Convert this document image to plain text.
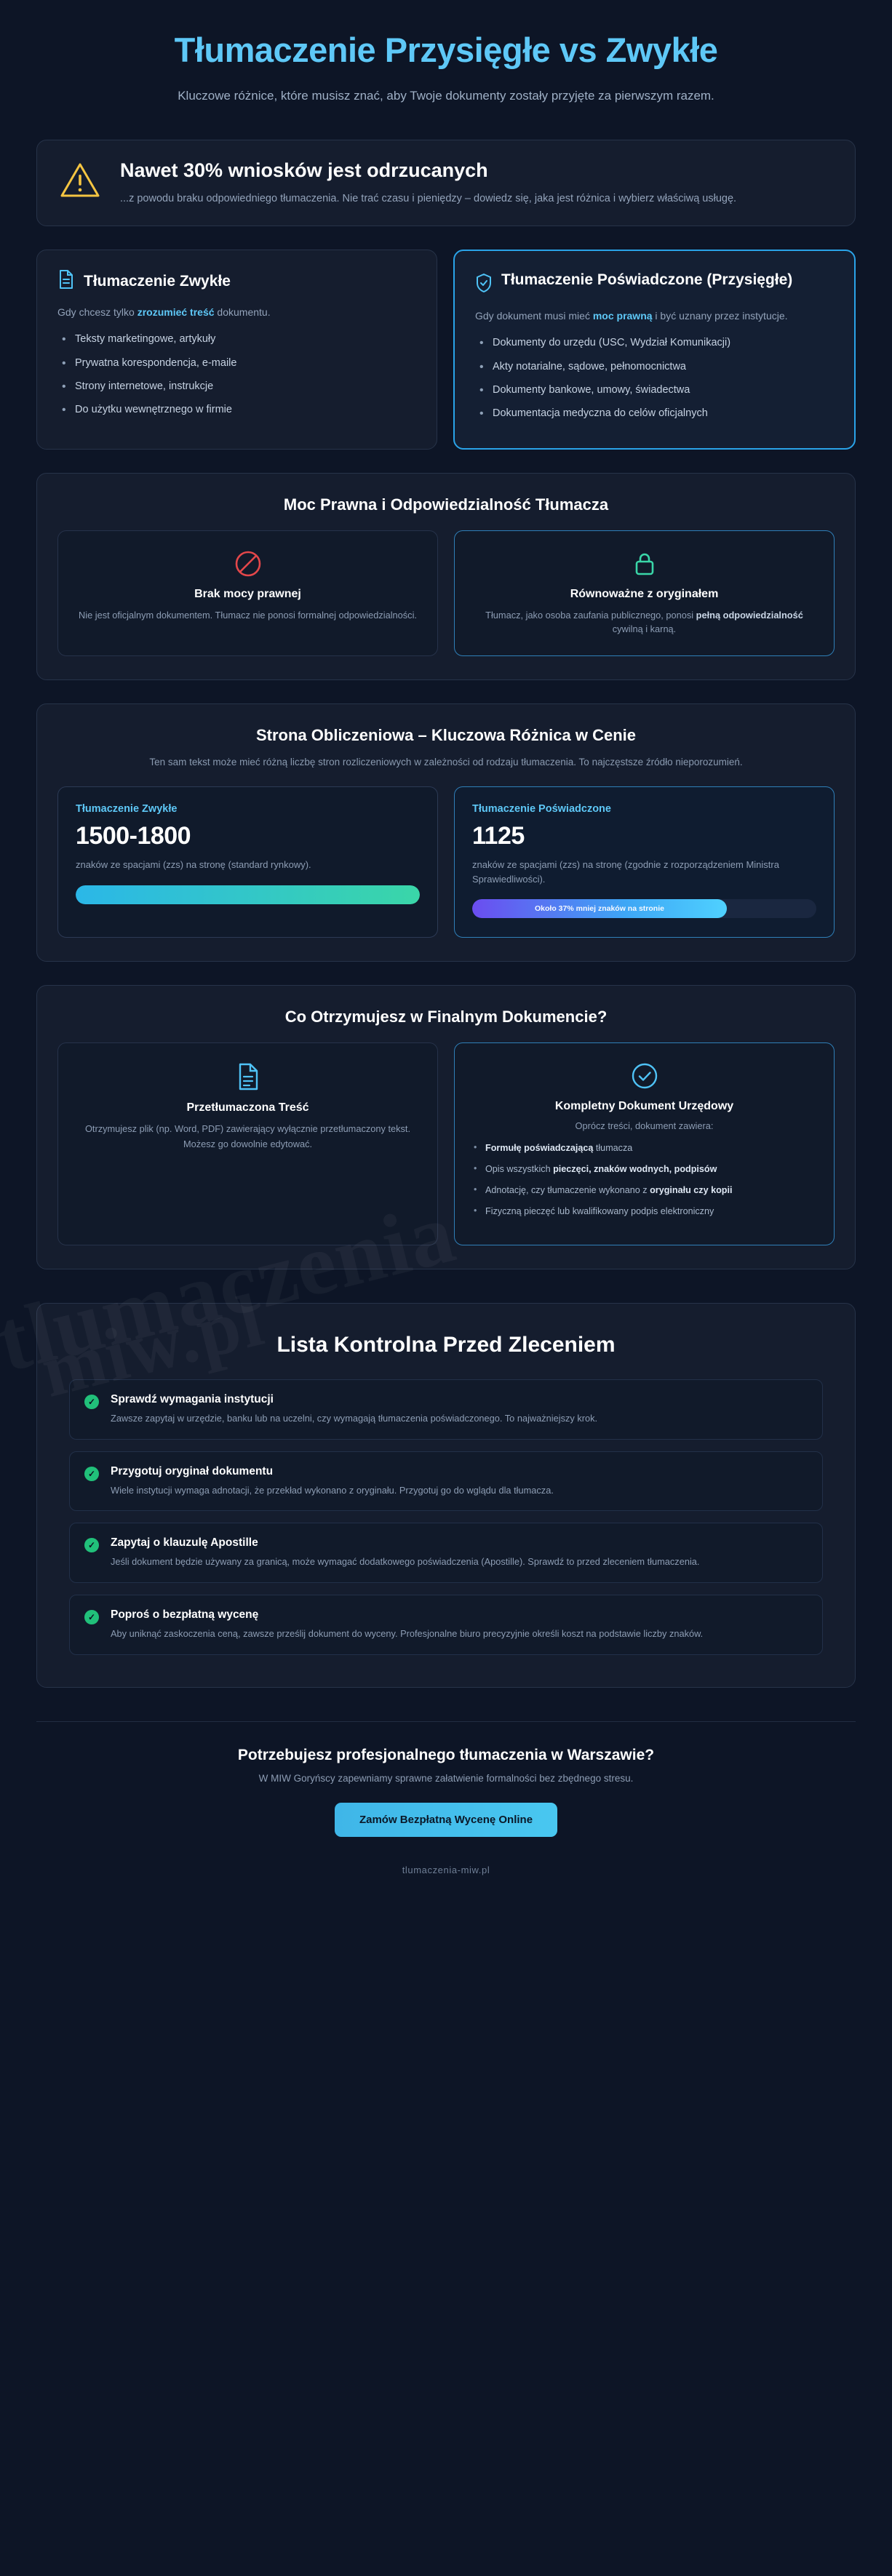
Tłumaczenie Przysięgłe vs Zwykłe

Kluczowe różnice, które musisz znać, aby Twoje dokumenty zostały przyjęte za pierwszym razem.

Nawet 30% wniosków jest odrzucanych

...z powodu braku odpowiedniego tłumaczenia. Nie trać czasu i pieniędzy – dowiedz się, jaka jest różnica i wybierz właściwą usługę.

Tłumaczenie Zwykłe

Gdy chcesz tylko zrozumieć treść dokumentu.

• Teksty marketingowe, artykuły
• Prywatna korespondencja, e-maile
• Strony internetowe, instrukcje
• Do użytku wewnętrznego w firmie
Tłumaczenie Poświadczone (Przysięgłe)

Gdy dokument musi mieć moc prawną i być uznany przez instytucje.

• Dokumenty do urzędu (USC, Wydział Komunikacji)
• Akty notarialne, sądowe, pełnomocnictwa
• Dokumenty bankowe, umowy, świadectwa
• Dokumentacja medyczna do celów oficjalnych
Moc Prawna i Odpowiedzialność Tłumacza
Brak mocy prawnej

Nie jest oficjalnym dokumentem. Tłumacz nie ponosi formalnej odpowiedzialności.

Równoważne z oryginałem

Tłumacz, jako osoba zaufania publicznego, ponosi pełną odpowiedzialność cywilną i karną.

Strona Obliczeniowa – Kluczowa Różnica w Cenie

Ten sam tekst może mieć różną liczbę stron rozliczeniowych w zależności od rodzaju tłumaczenia. To najczęstsze źródło nieporozumień.

Tłumaczenie Zwykłe
1500-1800
znaków ze spacjami (zzs) na stronę (standard rynkowy).
Tłumaczenie Poświadczone
1125
znaków ze spacjami (zzs) na stronę (zgodnie z rozporządzeniem Ministra Sprawiedliwości).
Około 37% mniej znaków na stronie
Co Otrzymujesz w Finalnym Dokumencie?
Przetłumaczona Treść

Otrzymujesz plik (np. Word, PDF) zawierający wyłącznie przetłumaczony tekst. Możesz go dowolnie edytować.

Kompletny Dokument Urzędowy
Oprócz treści, dokument zawiera:
• Formułę poświadczającą tłumacza
• Opis wszystkich pieczęci, znaków wodnych, podpisów
• Adnotację, czy tłumaczenie wykonano z oryginału czy kopii
• Fizyczną pieczęć lub kwalifikowany podpis elektroniczny
Lista Kontrolna Przed Zleceniem
✓	Sprawdź wymagania instytucji

Zawsze zapytaj w urzędzie, banku lub na uczelni, czy wymagają tłumaczenia poświadczonego. To najważniejszy krok.

✓	Przygotuj oryginał dokumentu

Wiele instytucji wymaga adnotacji, że przekład wykonano z oryginału. Przygotuj go do wglądu dla tłumacza.

✓	Zapytaj o klauzulę Apostille

Jeśli dokument będzie używany za granicą, może wymagać dodatkowego poświadczenia (Apostille). Sprawdź to przed zleceniem tłumaczenia.

✓	Poproś o bezpłatną wycenę

Aby uniknąć zaskoczenia ceną, zawsze prześlij dokument do wyceny. Profesjonalne biuro precyzyjnie określi koszt na podstawie liczby znaków.

Potrzebujesz profesjonalnego tłumaczenia w Warszawie?

W MIW Goryńscy zapewniamy sprawne załatwienie formalności bez zbędnego stresu.

Zamów Bezpłatną Wycenę Online
tlumaczenia-miw.pl
